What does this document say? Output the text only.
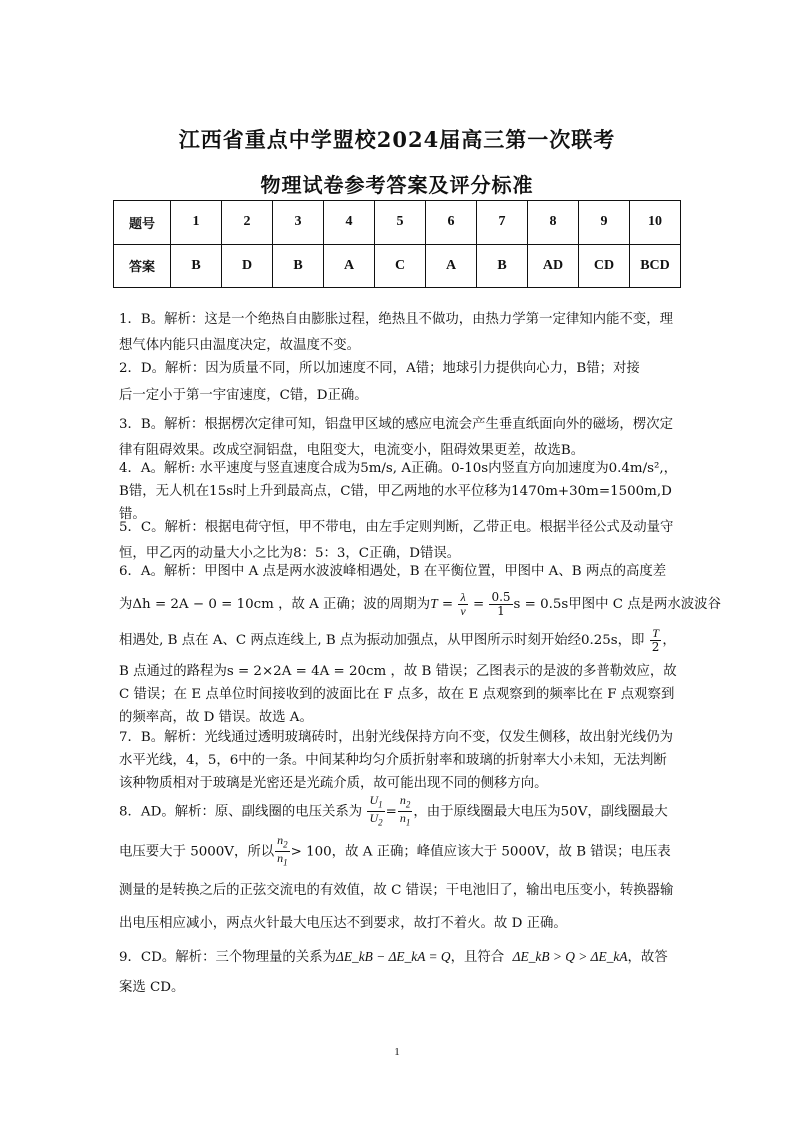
江西省重点中学盟校2024届高三第一次联考
物理试卷参考答案及评分标准
题号	1	2	3	4	5	6	7	8	9	10
答案	B	D	B	A	C	A	B	AD	CD	BCD

1．B。解析：这是一个绝热自由膨胀过程，绝热且不做功，由热力学第一定律知内能不变，理想气体内能只由温度决定，故温度不变。

2．D。解析：因为质量不同，所以加速度不同，A错；地球引力提供向心力，B错；对接
后一定小于第一宇宙速度，C错，D正确。

3．B。解析：根据楞次定律可知，铝盘甲区域的感应电流会产生垂直纸面向外的磁场，楞次定律有阻碍效果。改成空洞铝盘，电阻变大，电流变小，阻碍效果更差，故选B。

4．A。解析: 水平速度与竖直速度合成为5m/s, A正确。0-10s内竖直方向加速度为0.4m/s²,，B错，无人机在15s时上升到最高点，C错，甲乙两地的水平位移为1470m+30m=1500m,D错。

5．C。解析：根据电荷守恒，甲不带电，由左手定则判断，乙带正电。根据半径公式及动量守恒，甲乙丙的动量大小之比为8：5：3，C正确，D错误。

6．A。解析：甲图中 A 点是两水波波峰相遇处，B 在平衡位置，甲图中 A、B 两点的高度差
为Δh = 2A − 0 = 10cm ，故 A 正确；波的周期为$T = \frac{\lambda}{v} = \frac{0.5}{1}$ s = 0.5s甲图中 C 点是两水波波谷
相遇处, B 点在 A、C 两点连线上, B 点为振动加强点，从甲图所示时刻开始经0.25s，即 $\frac{T}{2}$ ，

B 点通过的路程为s = 2×2A = 4A = 20cm ，故 B 错误；乙图表示的是波的多普勒效应，故 C 错误；在 E 点单位时间接收到的波面比在 F 点多，故在 E 点观察到的频率比在 F 点观察到的频率高，故 D 错误。故选 A。

7．B。解析：光线通过透明玻璃砖时，出射光线保持方向不变，仅发生侧移，故出射光线仍为水平光线，4，5，6中的一条。中间某种均匀介质折射率和玻璃的折射率大小未知，无法判断该种物质相对于玻璃是光密还是光疏介质，故可能出现不同的侧移方向。

8．AD。解析：原、副线圈的电压关系为 $\frac{U_1}{U_2} = \frac{n_2}{n_1}$ ，由于原线圈最大电压为50V，副线圈最大
电压要大于 5000V，所以 $\frac{n_2}{n_1} > 100$，故 A 正确；峰值应该大于 5000V，故 B 错误；电压表

测量的是转换之后的正弦交流电的有效值，故 C 错误；干电池旧了，输出电压变小，转换器输出电压相应减小，两点火针最大电压达不到要求，故打不着火。故 D 正确。

9．CD。解析：三个物理量的关系为ΔE_kB − ΔE_kA = Q，且符合 ΔE_kB > Q > ΔE_kA，故答
案选 CD。
1
